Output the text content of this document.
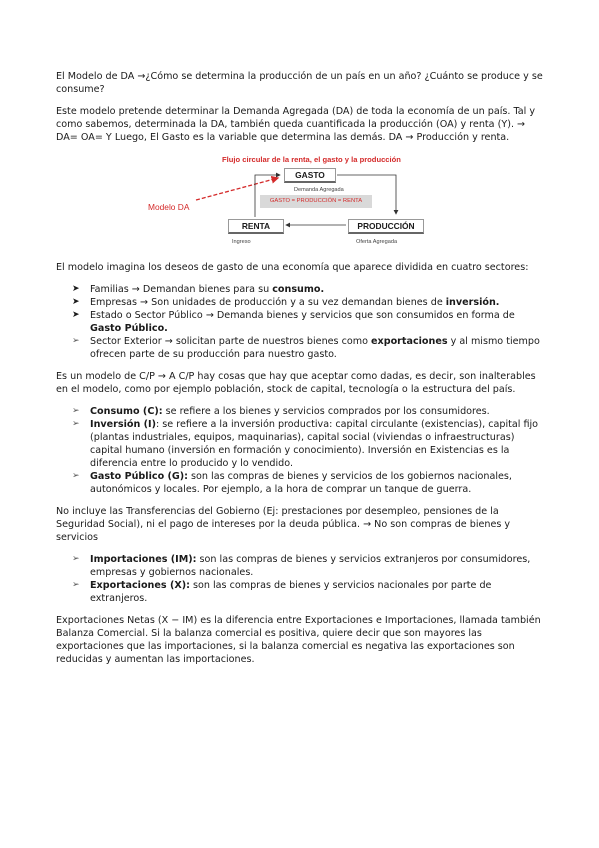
El Modelo de DA →¿Cómo se determina la producción de un país en un año? ¿Cuánto se produce y se consume?

Este modelo pretende determinar la Demanda Agregada (DA) de toda la economía de un país. Tal y como sabemos, determinada la DA, también queda cuantificada la producción (OA) y renta (Y). → DA= OA= Y Luego, El Gasto es la variable que determina las demás. DA → Producción y renta.

Flujo circular de la renta, el gasto y la producción
Modelo DA
GASTO
Demanda Agregada
GASTO = PRODUCCIÓN = RENTA
RENTA
Ingreso
PRODUCCIÓN
Oferta Agregada

El modelo imagina los deseos de gasto de una economía que aparece dividida en cuatro sectores:

➤ Familias → Demandan bienes para su consumo.
➤ Empresas → Son unidades de producción y a su vez demandan bienes de inversión.
➤ Estado o Sector Público → Demanda bienes y servicios que son consumidos en forma de Gasto Público.
➢ Sector Exterior → solicitan parte de nuestros bienes como exportaciones y al mismo tiempo ofrecen parte de su producción para nuestro gasto.

Es un modelo de C/P → A C/P hay cosas que hay que aceptar como dadas, es decir, son inalterables en el modelo, como por ejemplo población, stock de capital, tecnología o la estructura del país.

➢ Consumo (C): se refiere a los bienes y servicios comprados por los consumidores.
➢ Inversión (I): se refiere a la inversión productiva: capital circulante (existencias), capital fijo (plantas industriales, equipos, maquinarias), capital social (viviendas o infraestructuras) capital humano (inversión en formación y conocimiento). Inversión en Existencias es la diferencia entre lo producido y lo vendido.
➢ Gasto Público (G): son las compras de bienes y servicios de los gobiernos nacionales, autonómicos y locales. Por ejemplo, a la hora de comprar un tanque de guerra.

No incluye las Transferencias del Gobierno (Ej: prestaciones por desempleo, pensiones de la Seguridad Social), ni el pago de intereses por la deuda pública. → No son compras de bienes y servicios

➢ Importaciones (IM): son las compras de bienes y servicios extranjeros por consumidores, empresas y gobiernos nacionales.
➢ Exportaciones (X): son las compras de bienes y servicios nacionales por parte de extranjeros.

Exportaciones Netas (X − IM) es la diferencia entre Exportaciones e Importaciones, llamada también Balanza Comercial. Si la balanza comercial es positiva, quiere decir que son mayores las exportaciones que las importaciones, si la balanza comercial es negativa las exportaciones son reducidas y aumentan las importaciones.
